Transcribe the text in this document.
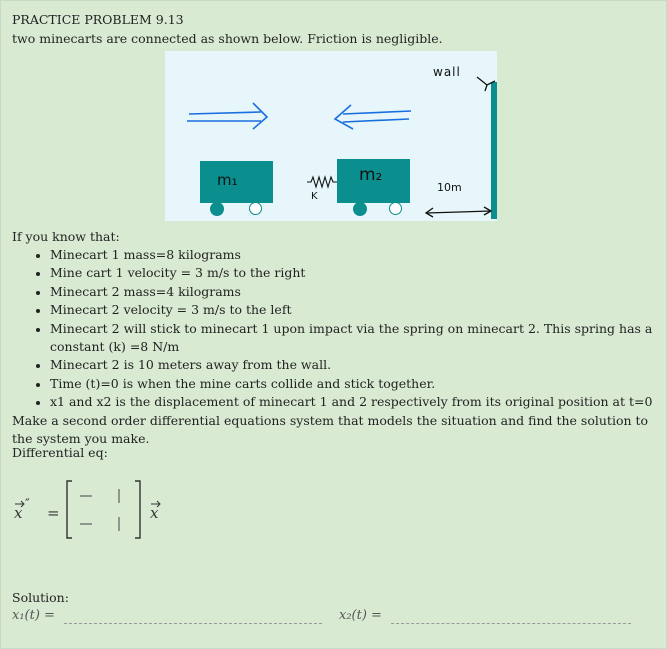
PRACTICE PROBLEM 9.13
two minecarts are connected as shown below. Friction is negligible.
m₁	m₂
K
wall
10m

If you know that:

• Minecart 1 mass=8 kilograms
• Mine cart 1 velocity = 3 m/s to the right
• Minecart 2 mass=4 kilograms
• Minecart 2 velocity = 3 m/s to the left
• Minecart 2 will stick to minecart 1 upon impact via the spring on minecart 2. This spring has a constant (k) =8 N/m
• Minecart 2 is 10 meters away from the wall.
• Time (t)=0 is when the mine carts collide and stick together.
• x1 and x2 is the displacement of minecart 1 and 2 respectively from its original position at t=0

Make a second order differential equations system that models the situation and find the solution to the system you make.

Differential eq:
x ″ =	x
Solution:
x₁(t) =	x₂(t) =
